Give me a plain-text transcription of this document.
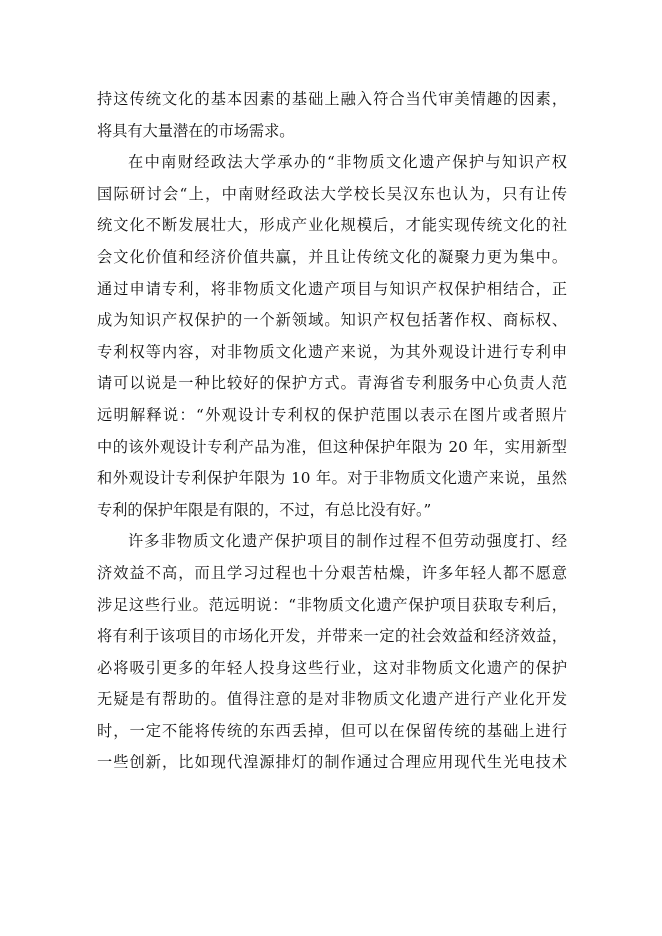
持这传统文化的基本因素的基础上融入符合当代审美情趣的因素，
将具有大量潜在的市场需求。
在中南财经政法大学承办的“非物质文化遗产保护与知识产权
国际研讨会“上，中南财经政法大学校长吴汉东也认为，只有让传
统文化不断发展壮大，形成产业化规模后，才能实现传统文化的社
会文化价值和经济价值共赢，并且让传统文化的凝聚力更为集中。
通过申请专利，将非物质文化遗产项目与知识产权保护相结合，正
成为知识产权保护的一个新领域。知识产权包括著作权、商标权、
专利权等内容，对非物质文化遗产来说，为其外观设计进行专利申
请可以说是一种比较好的保护方式。青海省专利服务中心负责人范
远明解释说：“外观设计专利权的保护范围以表示在图片或者照片
中的该外观设计专利产品为准，但这种保护年限为 20 年，实用新型
和外观设计专利保护年限为 10 年。对于非物质文化遗产来说，虽然
专利的保护年限是有限的，不过，有总比没有好。”
许多非物质文化遗产保护项目的制作过程不但劳动强度打、经
济效益不高，而且学习过程也十分艰苦枯燥，许多年轻人都不愿意
涉足这些行业。范远明说：“非物质文化遗产保护项目获取专利后，
将有利于该项目的市场化开发，并带来一定的社会效益和经济效益，
必将吸引更多的年轻人投身这些行业，这对非物质文化遗产的保护
无疑是有帮助的。值得注意的是对非物质文化遗产进行产业化开发
时，一定不能将传统的东西丢掉，但可以在保留传统的基础上进行
一些创新，比如现代湟源排灯的制作通过合理应用现代生光电技术
